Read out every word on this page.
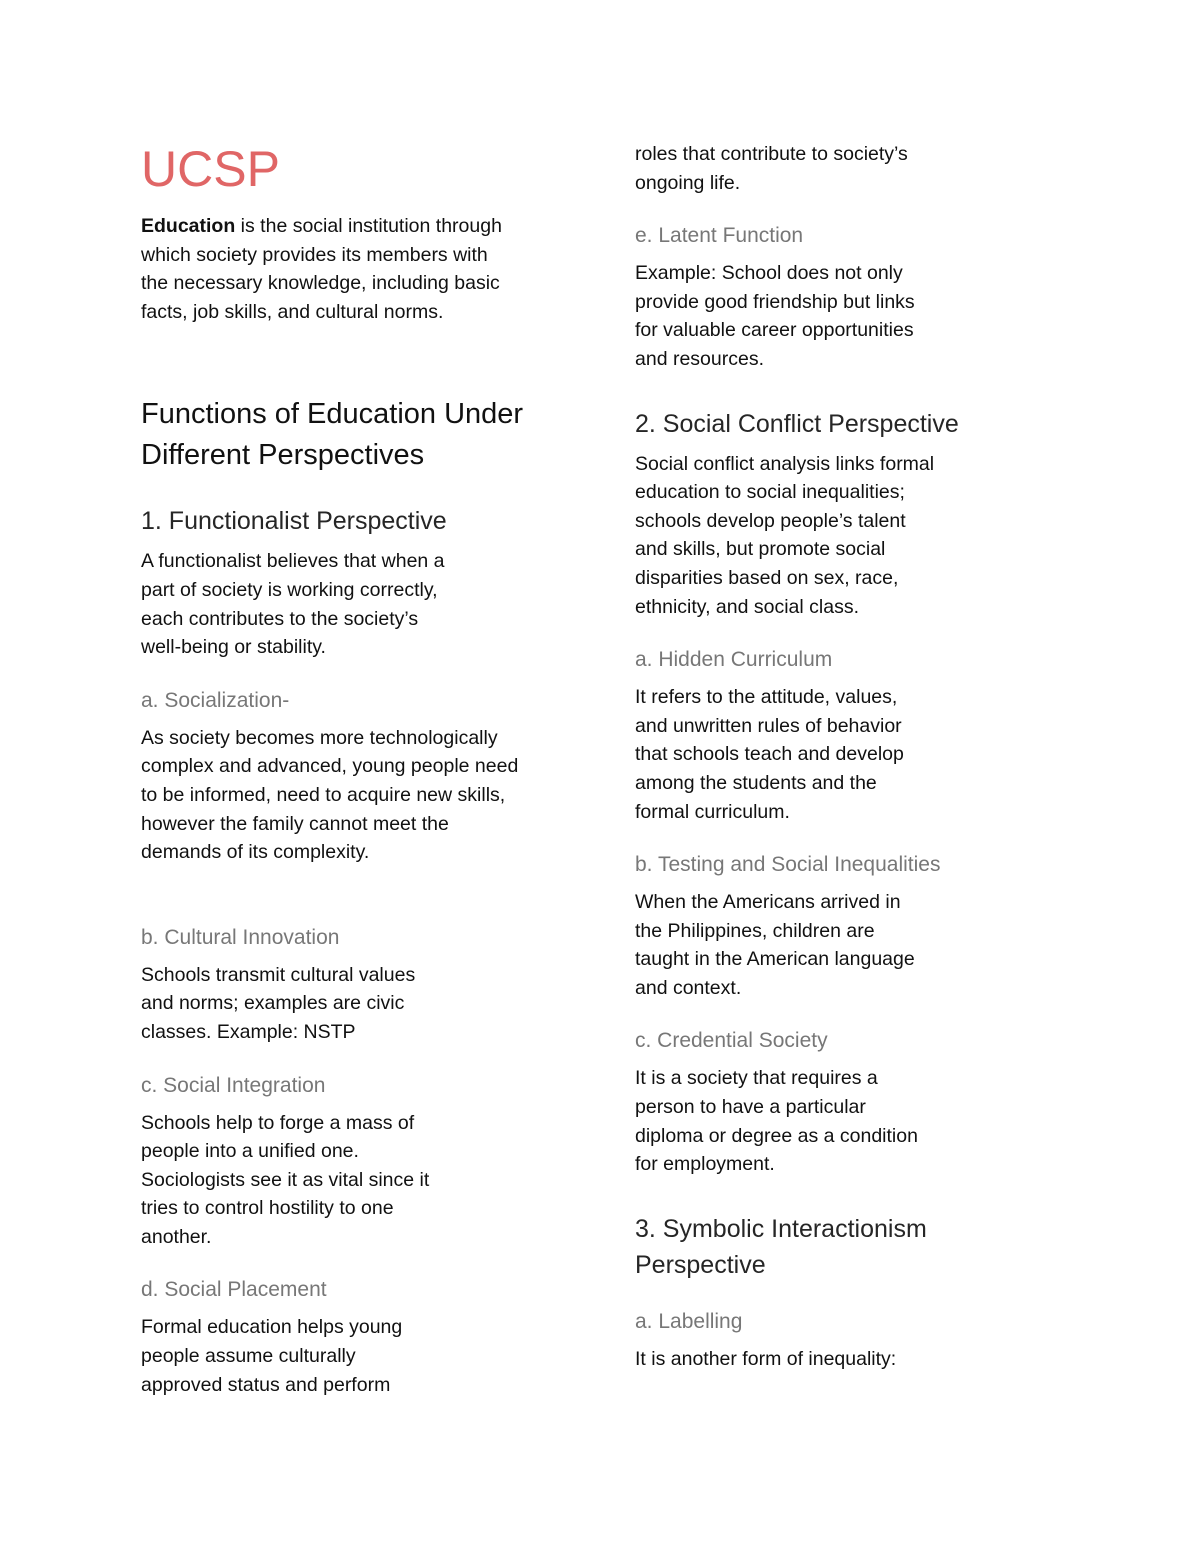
UCSP

Education is the social institution through
which society provides its members with
the necessary knowledge, including basic
facts, job skills, and cultural norms.

Functions of Education Under
Different Perspectives
1. Functionalist Perspective

A functionalist believes that when a
part of society is working correctly,
each contributes to the society’s
well-being or stability.

a. Socialization-

As society becomes more technologically
complex and advanced, young people need
to be informed, need to acquire new skills,
however the family cannot meet the
demands of its complexity.

b. Cultural Innovation

Schools transmit cultural values
and norms; examples are civic
classes. Example: NSTP

c. Social Integration

Schools help to forge a mass of
people into a unified one.
Sociologists see it as vital since it
tries to control hostility to one
another.

d. Social Placement

Formal education helps young
people assume culturally
approved status and perform

roles that contribute to society’s
ongoing life.

e. Latent Function

Example: School does not only
provide good friendship but links
for valuable career opportunities
and resources.

2. Social Conflict Perspective

Social conflict analysis links formal
education to social inequalities;
schools develop people’s talent
and skills, but promote social
disparities based on sex, race,
ethnicity, and social class.

a. Hidden Curriculum

It refers to the attitude, values,
and unwritten rules of behavior
that schools teach and develop
among the students and the
formal curriculum.

b. Testing and Social Inequalities

When the Americans arrived in
the Philippines, children are
taught in the American language
and context.

c. Credential Society

It is a society that requires a
person to have a particular
diploma or degree as a condition
for employment.

3. Symbolic Interactionism
Perspective
a. Labelling

It is another form of inequality:
